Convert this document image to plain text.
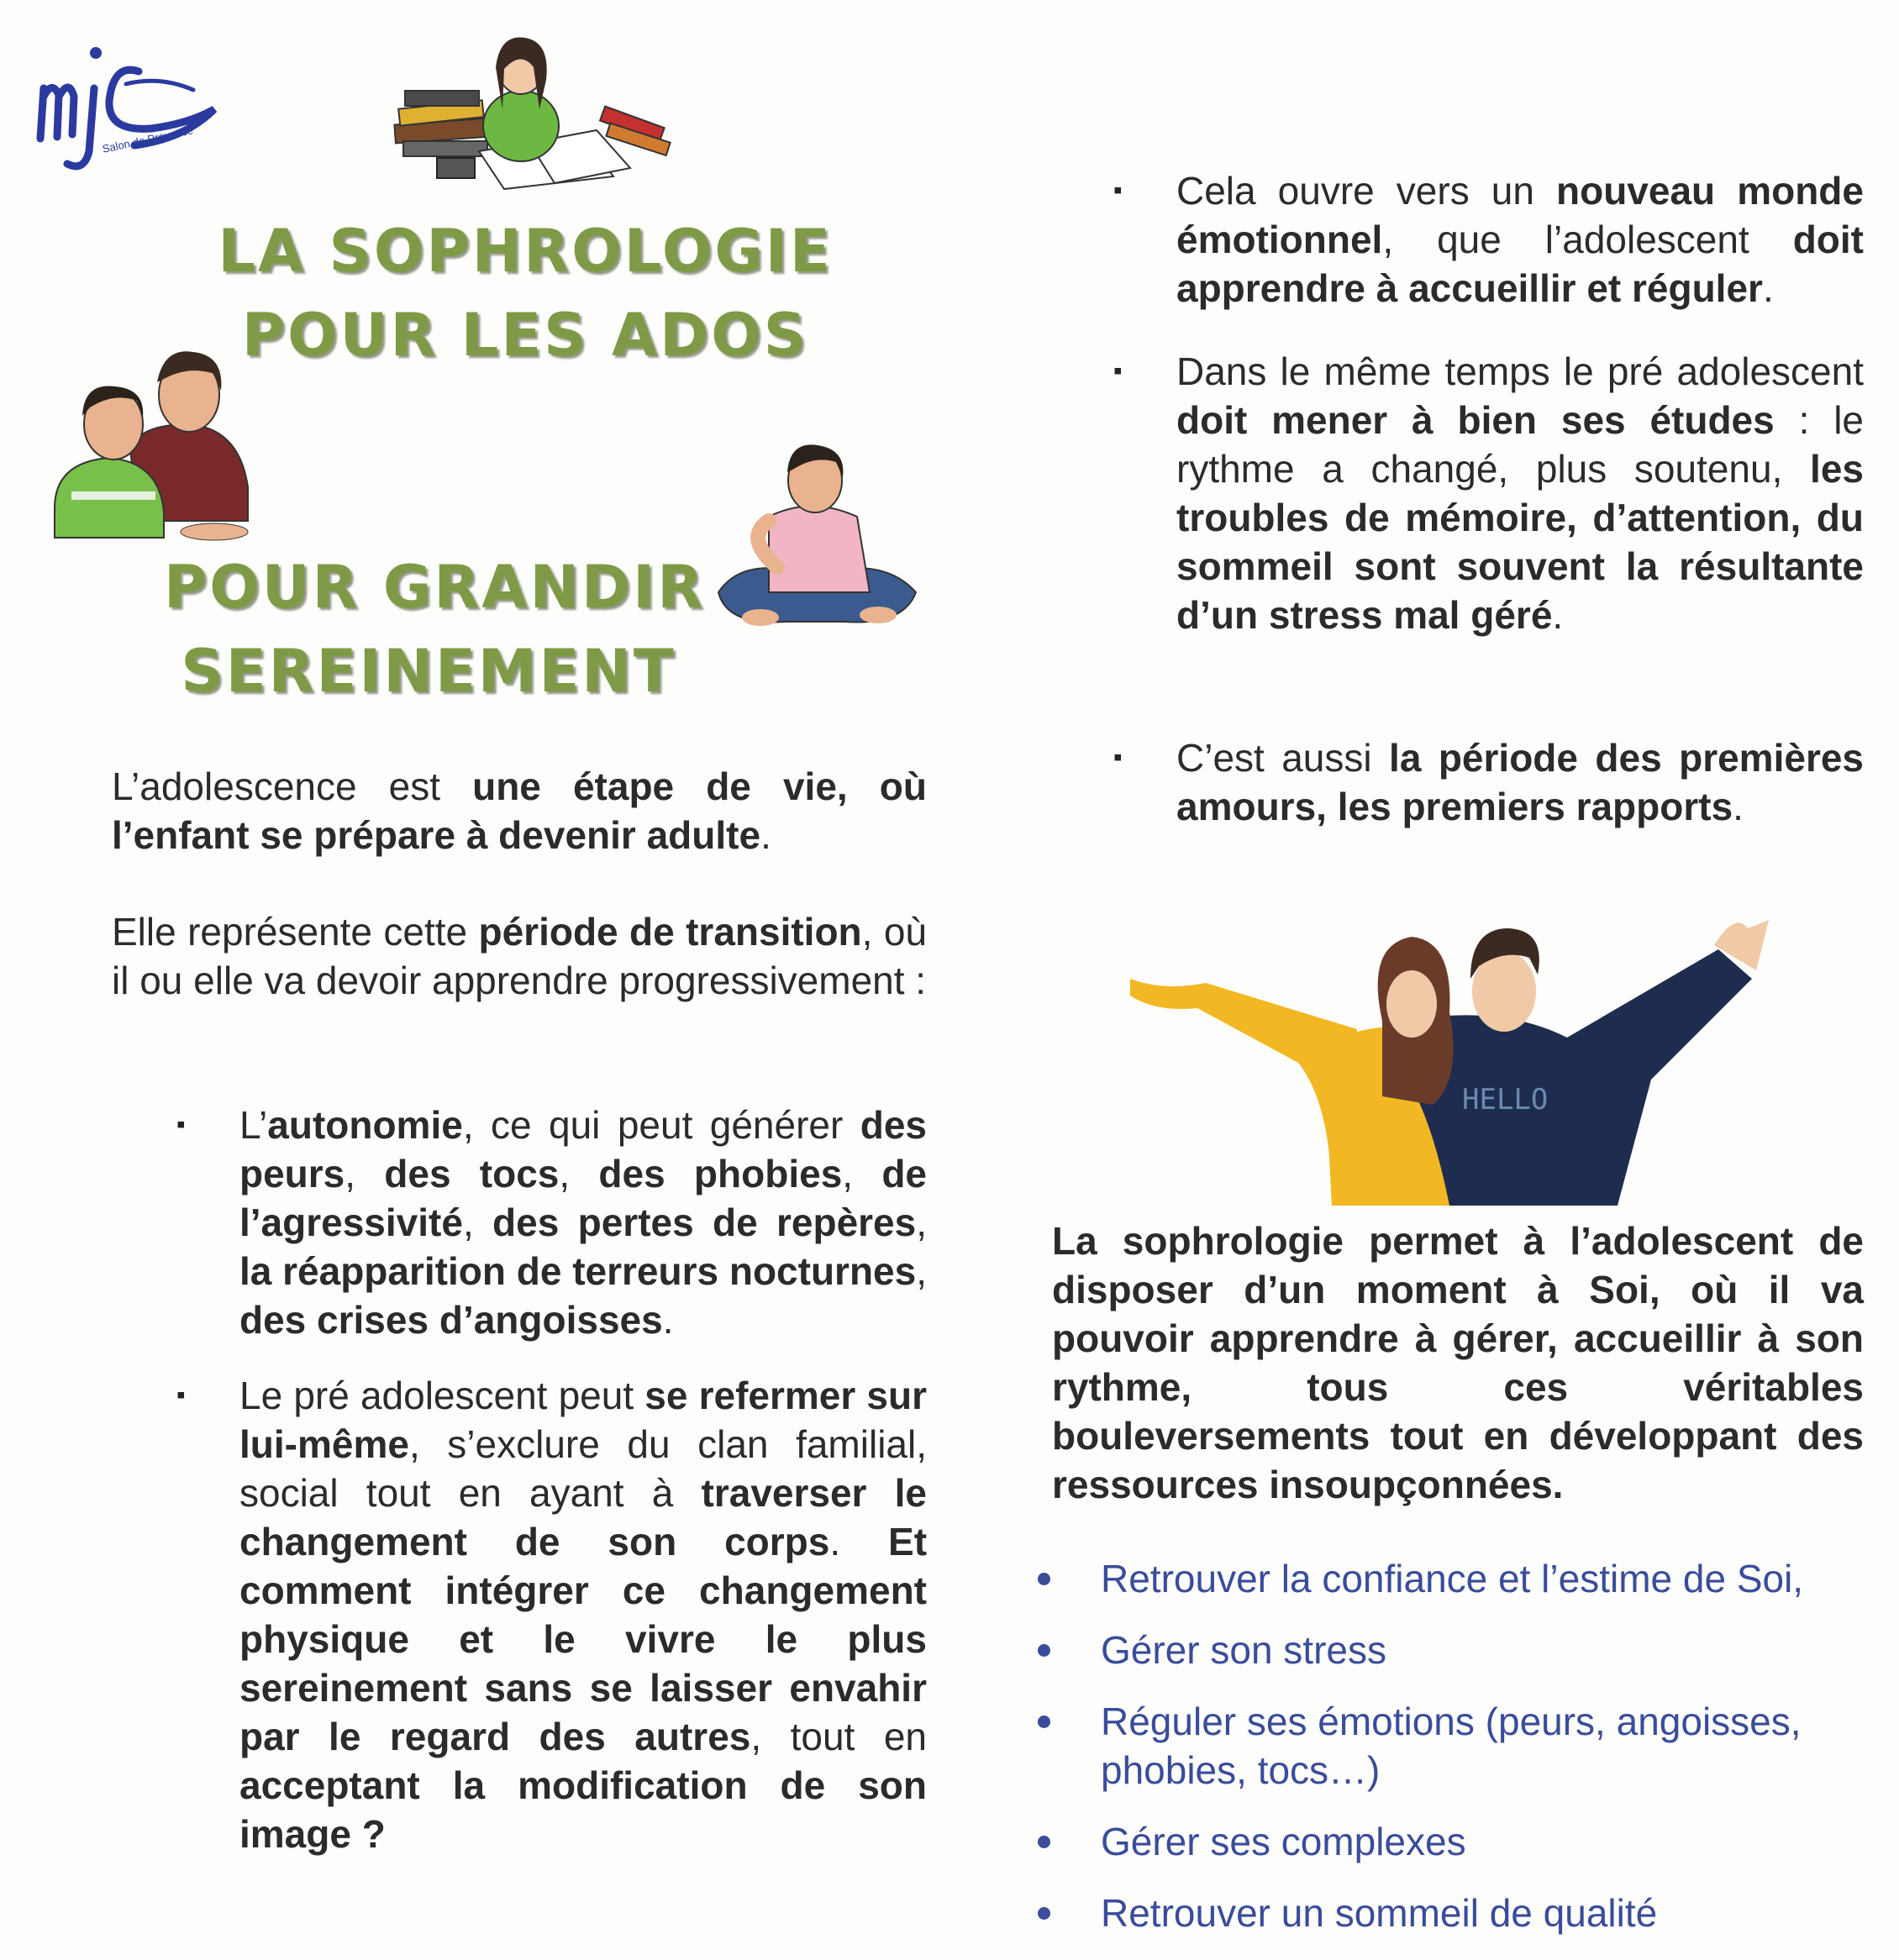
Salon de Provence
HELLO
LA SOPHROLOGIE
POUR LES ADOS
POUR GRANDIR
SEREINEMENT
L’adolescence est une étape de vie, où l’enfant se prépare à devenir adulte.
Elle représente cette période de transition, où il ou elle va devoir apprendre progressivement :
▪ L’autonomie, ce qui peut générer des peurs, des tocs, des phobies, de l’agressivité, des pertes de repères, la réapparition de terreurs nocturnes, des crises d’angoisses.
▪ Le pré adolescent peut se refermer sur lui-même, s’exclure du clan familial, social tout en ayant à traverser le changement de son corps. Et comment intégrer ce changement physique et le vivre le plus sereinement sans se laisser envahir par le regard des autres, tout en acceptant la modification de son image ?
▪ Cela ouvre vers un nouveau monde émotionnel, que l’adolescent doit apprendre à accueillir et réguler.
▪ Dans le même temps le pré adolescent doit mener à bien ses études : le rythme a changé, plus soutenu, les troubles de mémoire, d’attention, du sommeil sont souvent la résultante d’un stress mal géré.
▪ C’est aussi la période des premières amours, les premiers rapports.
La sophrologie permet à l’adolescent de disposer d’un moment à Soi, où il va pouvoir apprendre à gérer, accueillir à son rythme, tous ces véritables bouleversements tout en développant des ressources insoupçonnées.
Retrouver la confiance et l’estime de Soi,
Gérer son stress
Réguler ses émotions (peurs, angoisses, phobies, tocs…)
Gérer ses complexes
Retrouver un sommeil de qualité
